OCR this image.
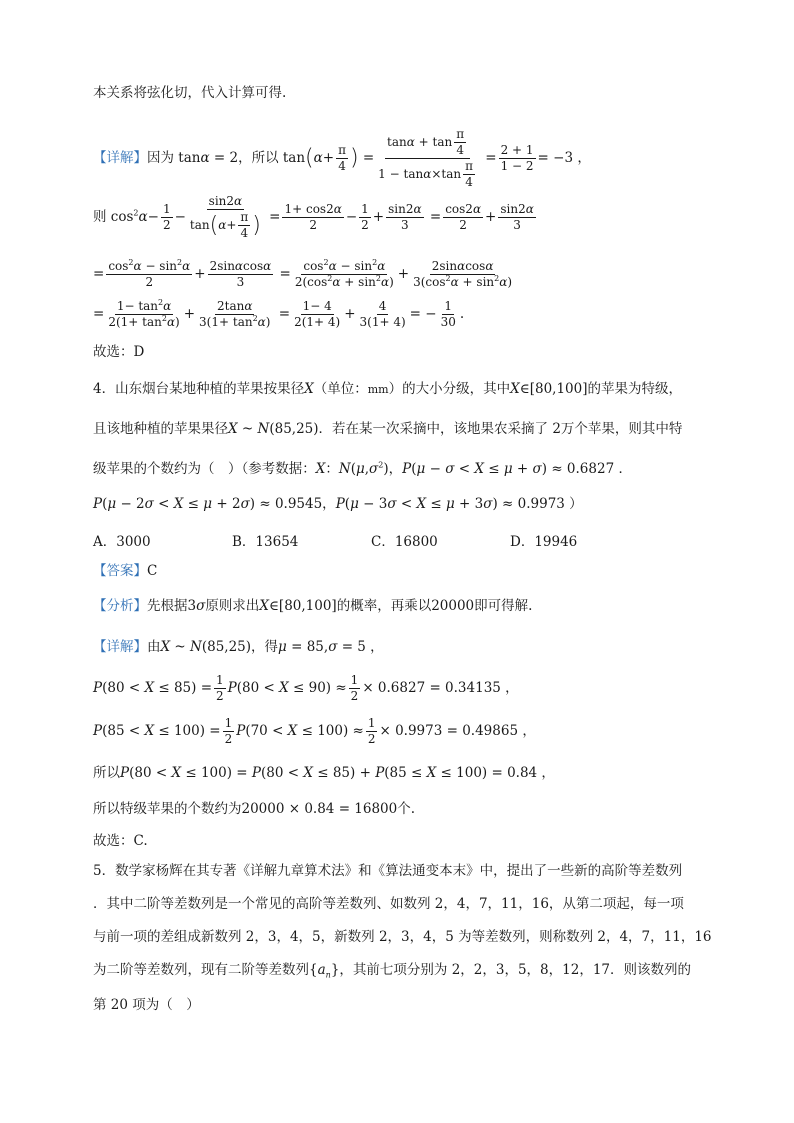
本关系将弦化切，代入计算可得.
【详解】因为 tanα = 2，所以 $\tan(\alpha+ \frac{\pi}{4}$ ) = $\frac{\tan\alpha + \tan \frac{\pi}{4}}{1 - \tan\alpha\times\tan \frac{\pi}{4}} = \frac{2 + 1}{1 - 2} = -3$ ，
则 $\cos^2\alpha- \frac{1}{2} - \frac{\sin 2\alpha}{\tan(\alpha+ \frac{\pi}{4} )} = \frac{1+ \cos 2\alpha}{2} - \frac{1}{2} + \frac{\sin 2\alpha}{3} = \frac{\cos 2\alpha}{2} + \frac{\sin 2\alpha}{3}$
= $\frac{\cos^2\alpha - \sin^2\alpha}{2} + \frac{2\sin\alpha\cos\alpha}{3} = \frac{\cos^2\alpha - \sin^2\alpha}{2(\cos^2\alpha + \sin^2\alpha)} + \frac{2\sin\alpha\cos\alpha}{3(\cos^2\alpha + \sin^2\alpha)}$
= $\frac{1- \tan^2\alpha}{2(1+ \tan^2\alpha)} + \frac{2\tan\alpha}{3(1+ \tan^2\alpha)} = \frac{1- 4}{2(1+ 4)} + \frac{4}{3(1+ 4)}$ = − $\frac{1}{30}$ .
故选：D
4．山东烟台某地种植的苹果按果径X（单位：mm）的大小分级，其中X∈[80,100]的苹果为特级，
且该地种植的苹果果径X ~ N(85,25)．若在某一次采摘中，该地果农采摘了 2万个苹果，则其中特
级苹果的个数约为（　）（参考数据：X：$N(\mu,\sigma^2)$，P(μ − σ < X ≤ μ + σ) ≈ 0.6827 ．
P(μ − 2σ < X ≤ μ + 2σ) ≈ 0.9545，P(μ − 3σ < X ≤ μ + 3σ) ≈ 0.9973 ）
A．3000	B．13654	C．16800	D．19946
【答案】C
【分析】先根据3σ原则求出X∈[80,100]的概率，再乘以20000即可得解.
【详解】由X ~ N(85,25)，得μ = 85,σ = 5 ，
$P(80 < X \le 85) = \frac{1}{2} P(80 < X \le 90) \approx \frac{1}{2} \times 0.6827 = 0.34135$ ，
$P(85 < X \le 100) = \frac{1}{2} P(70 < X \le 100) \approx \frac{1}{2} \times 0.9973 = 0.49865$ ，
所以P(80 < X ≤ 100) = P(80 < X ≤ 85) + P(85 ≤ X ≤ 100) = 0.84 ，
所以特级苹果的个数约为20000 × 0.84 = 16800个.
故选：C.
5．数学家杨辉在其专著《详解九章算术法》和《算法通变本末》中，提出了一些新的高阶等差数列
．其中二阶等差数列是一个常见的高阶等差数列、如数列 2，4，7，11，16，从第二项起，每一项
与前一项的差组成新数列 2，3，4，5，新数列 2，3，4，5 为等差数列，则称数列 2，4，7，11，16
为二阶等差数列，现有二阶等差数列$\{a_n\}$，其前七项分别为 2，2，3，5，8，12，17．则该数列的
第 20 项为（　）
